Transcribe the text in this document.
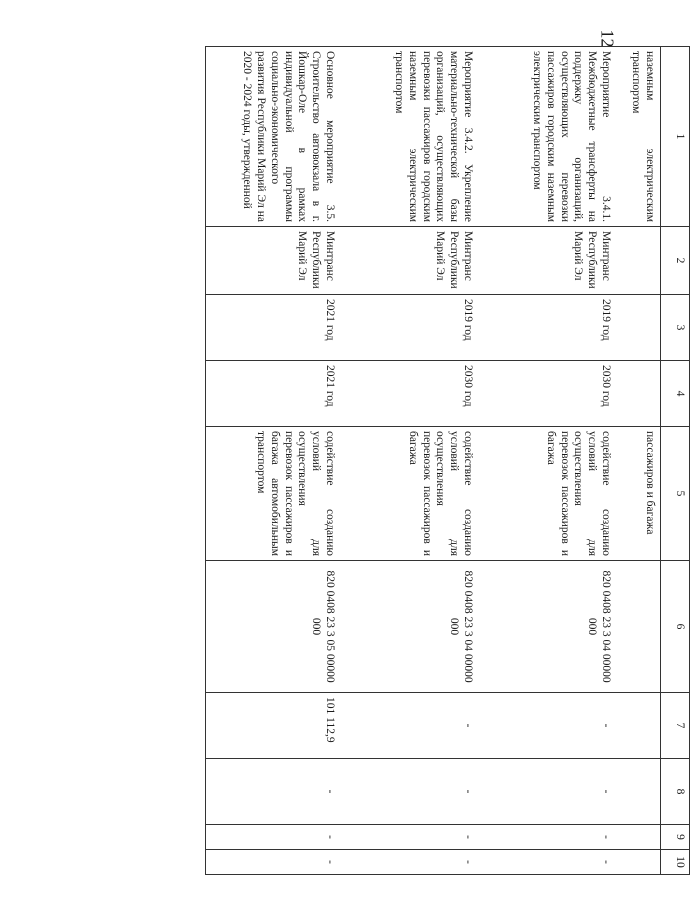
12
1	2	3	4	5	6	7	8	9	10
наземным электрическим транспортом				пассажиров и багажа					
Мероприятие 3.4.1. Межбюджетные трансферты на поддержку организаций, осуществляющих перевозки пассажиров городским наземным электрическим транспортом	Минтранс Республики Марий Эл	2019 год	2030 год	содействие созданию условий для осуществления перевозок пассажиров и багажа	820 0408 23 3 04 00000 000	-	-	-	-
Мероприятие 3.4.2. Укрепление материально-технической базы организаций, осуществляющих перевозки пассажиров городским наземным электрическим транспортом	Минтранс Республики Марий Эл	2019 год	2030 год	содействие созданию условий для осуществления перевозок пассажиров и багажа	820 0408 23 3 04 00000 000	-	-	-	-
Основное мероприятие 3.5. Строительство автовокзала в г. Йошкар-Оле в рамках индивидуальной программы социально-экономического развития Республики Марий Эл на 2020 - 2024 годы, утвержденной	Минтранс Республики Марий Эл	2021 год	2021 год	содействие созданию условий для осуществления перевозок пассажиров и багажа автомобильным транспортом	820 0408 23 3 05 00000 000	101 112,9	-	-	-
